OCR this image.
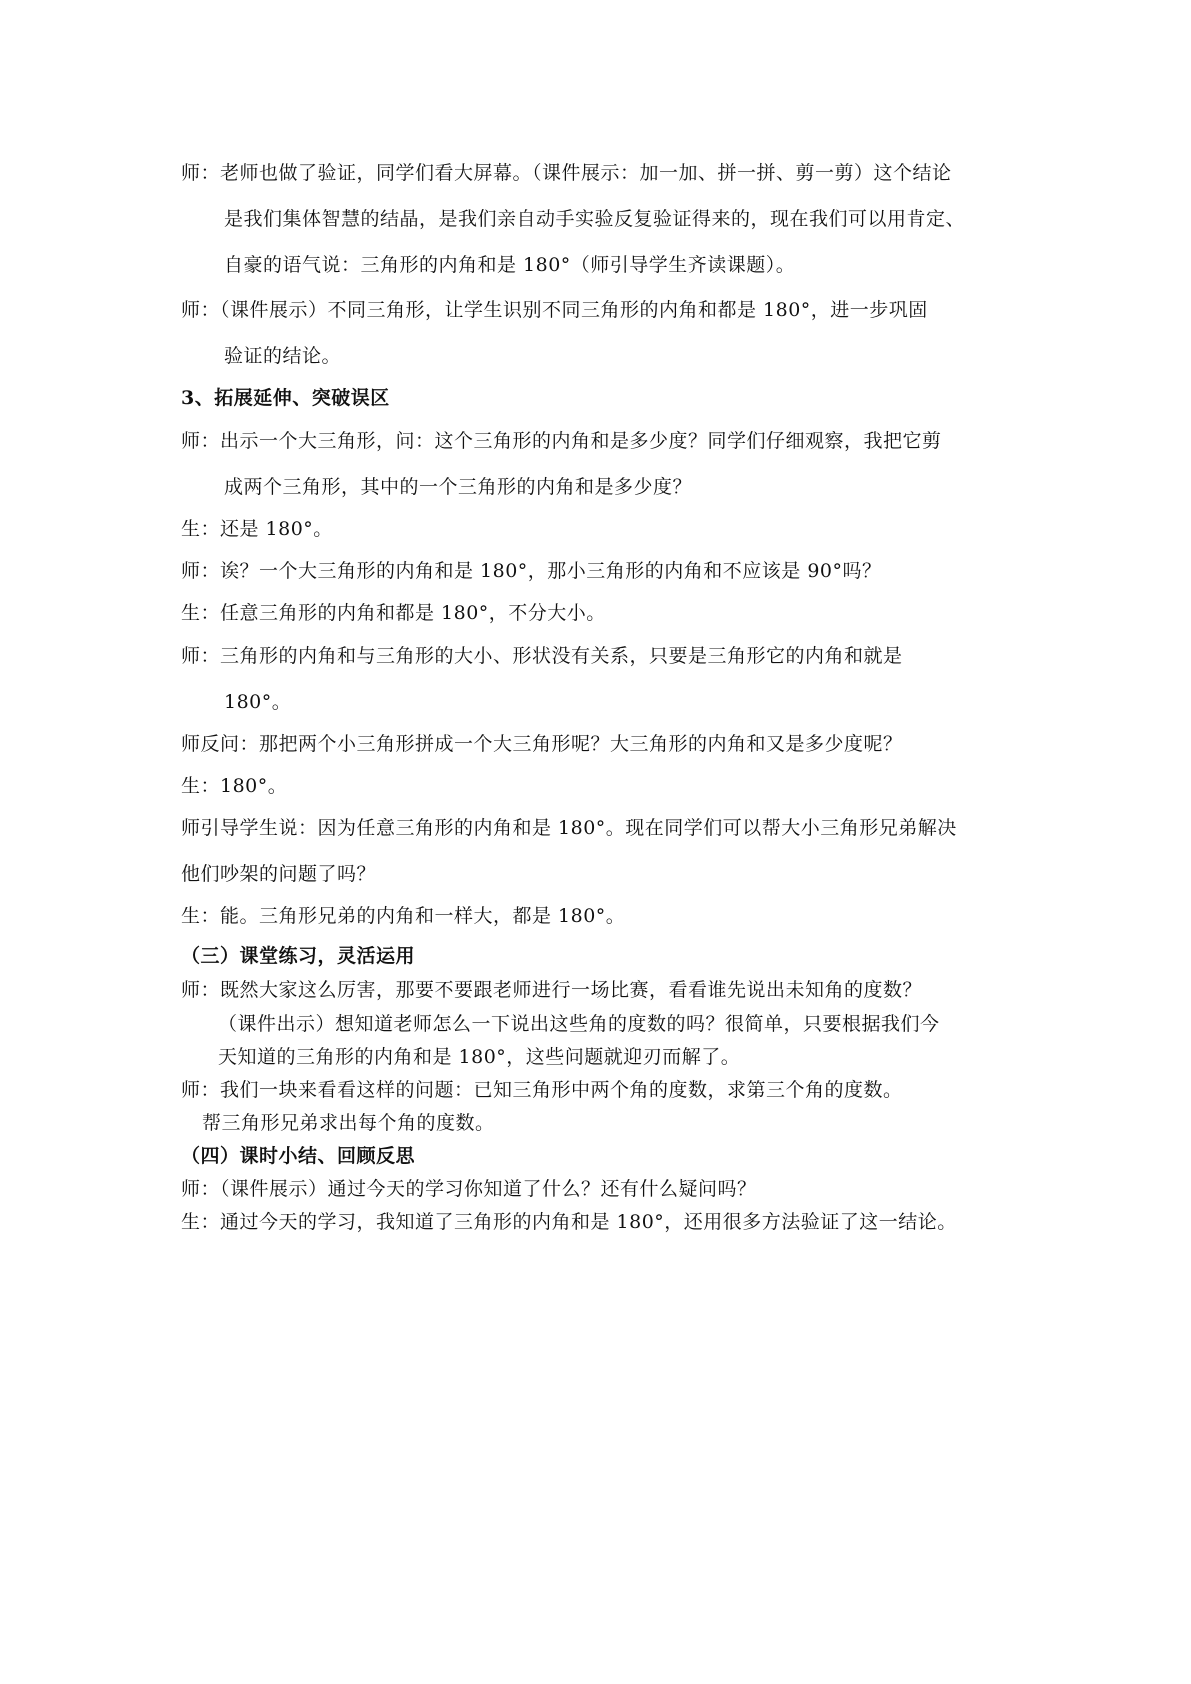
师：老师也做了验证，同学们看大屏幕。（课件展示：加一加、拼一拼、剪一剪）这个结论
是我们集体智慧的结晶，是我们亲自动手实验反复验证得来的，现在我们可以用肯定、
自豪的语气说：三角形的内角和是 180°（师引导学生齐读课题）。
师：（课件展示）不同三角形，让学生识别不同三角形的内角和都是 180°，进一步巩固
验证的结论。
3、拓展延伸、突破误区
师：出示一个大三角形，问：这个三角形的内角和是多少度？同学们仔细观察，我把它剪
成两个三角形，其中的一个三角形的内角和是多少度？
生：还是 180°。
师：诶？一个大三角形的内角和是 180°，那小三角形的内角和不应该是 90°吗？
生：任意三角形的内角和都是 180°，不分大小。
师：三角形的内角和与三角形的大小、形状没有关系，只要是三角形它的内角和就是
180°。
师反问：那把两个小三角形拼成一个大三角形呢？大三角形的内角和又是多少度呢？
生：180°。
师引导学生说：因为任意三角形的内角和是 180°。现在同学们可以帮大小三角形兄弟解决
他们吵架的问题了吗？
生：能。三角形兄弟的内角和一样大，都是 180°。
（三）课堂练习，灵活运用
师：既然大家这么厉害，那要不要跟老师进行一场比赛，看看谁先说出未知角的度数？
（课件出示）想知道老师怎么一下说出这些角的度数的吗？很简单，只要根据我们今
天知道的三角形的内角和是 180°，这些问题就迎刃而解了。
师：我们一块来看看这样的问题：已知三角形中两个角的度数，求第三个角的度数。
帮三角形兄弟求出每个角的度数。
（四）课时小结、回顾反思
师：（课件展示）通过今天的学习你知道了什么？还有什么疑问吗？
生：通过今天的学习，我知道了三角形的内角和是 180°，还用很多方法验证了这一结论。
